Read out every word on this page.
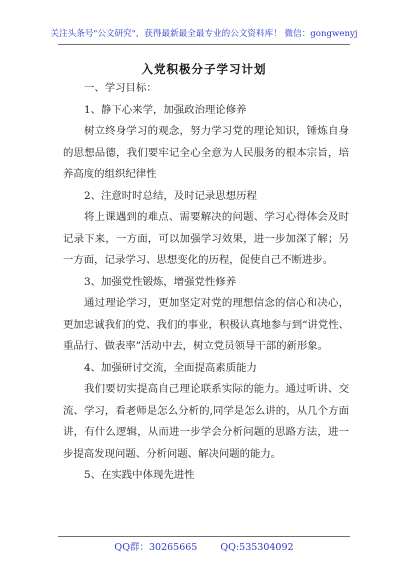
关注头条号"公文研究"，获得最新最全最专业的公文资料库！ 微信：gongwenyj
入党积极分子学习计划
一、学习目标：
1、静下心来学，加强政治理论修养
树立终身学习的观念，努力学习党的理论知识，锤炼自身的思想品德，我们要牢记全心全意为人民服务的根本宗旨，培养高度的组织纪律性
2、注意时时总结，及时记录思想历程
将上课遇到的难点、需要解决的问题、学习心得体会及时记录下来，一方面，可以加强学习效果，进一步加深了解；另一方面，记录学习、思想变化的历程，促使自己不断进步。
3、加强党性锻炼，增强党性修养
通过理论学习，更加坚定对党的理想信念的信心和决心，更加忠诚我们的党、我们的事业，积极认真地参与到“讲党性、重品行、做表率”活动中去，树立党员领导干部的新形象。
4、加强研讨交流，全面提高素质能力
我们要切实提高自己理论联系实际的能力。通过听讲、交流、学习，看老师是怎么分析的,同学是怎么讲的，从几个方面讲，有什么逻辑，从而进一步学会分析问题的思路方法，进一步提高发现问题、分析问题、解决问题的能力。
5、在实践中体现先进性
QQ群：30265665 QQ:535304092
